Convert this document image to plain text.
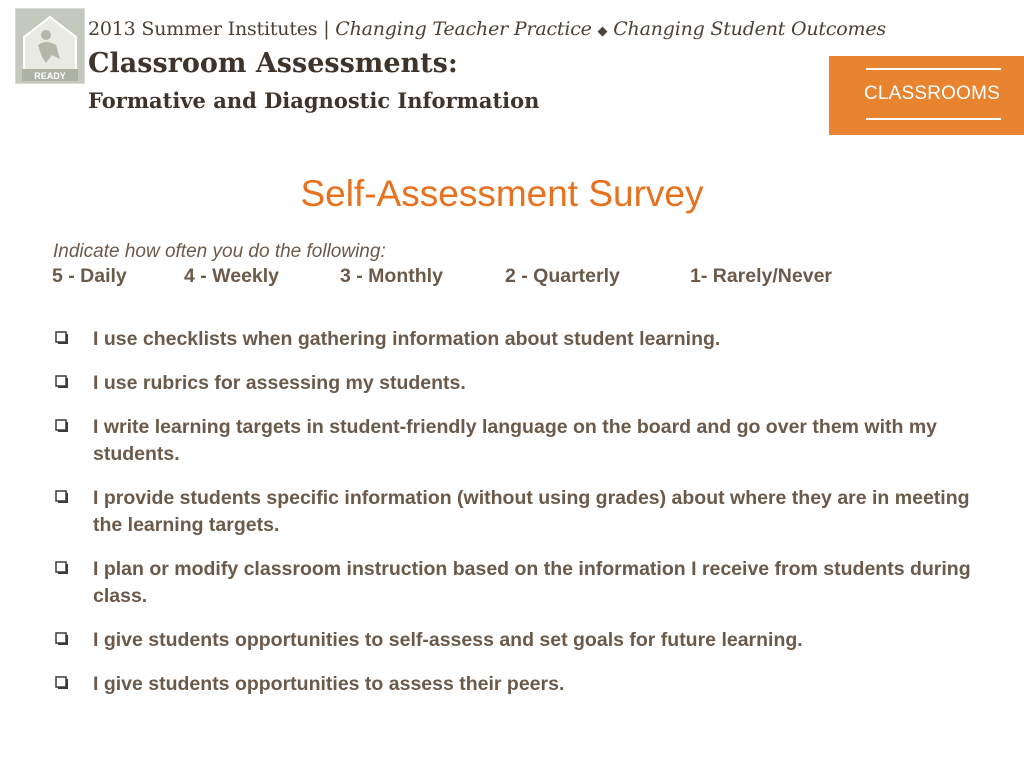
READY
2013 Summer Institutes | Changing Teacher Practice ◆ Changing Student Outcomes
Classroom Assessments:
Formative and Diagnostic Information	CLASSROOMS
Self-Assessment Survey
Indicate how often you do the following:
5 - Daily	4 - Weekly	3 - Monthly	2 - Quarterly	1- Rarely/Never
I use checklists when gathering information about student learning.
I use rubrics for assessing my students.
I write learning targets in student-friendly language on the board and go over them with my students.
I provide students specific information (without using grades) about where they are in meeting the learning targets.
I plan or modify classroom instruction based on the information I receive from students during class.
I give students opportunities to self-assess and set goals for future learning.
I give students opportunities to assess their peers.
